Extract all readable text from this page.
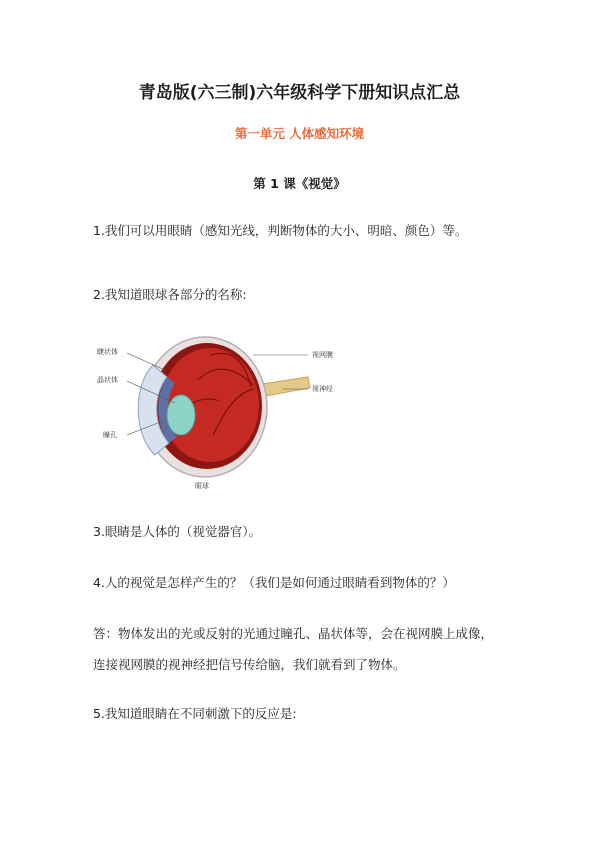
青岛版(六三制)六年级科学下册知识点汇总
第一单元 人体感知环境
第 1 课《视觉》
1.我们可以用眼睛（感知光线，判断物体的大小、明暗、颜色）等。
2.我知道眼球各部分的名称:
睫状体
晶状体
瞳孔
眼球
视网膜
视神经
3.眼睛是人体的（视觉器官）。
4.人的视觉是怎样产生的？（我们是如何通过眼睛看到物体的？）
答：物体发出的光或反射的光通过瞳孔、晶状体等，会在视网膜上成像，
连接视网膜的视神经把信号传给脑，我们就看到了物体。
5.我知道眼睛在不同刺激下的反应是:
